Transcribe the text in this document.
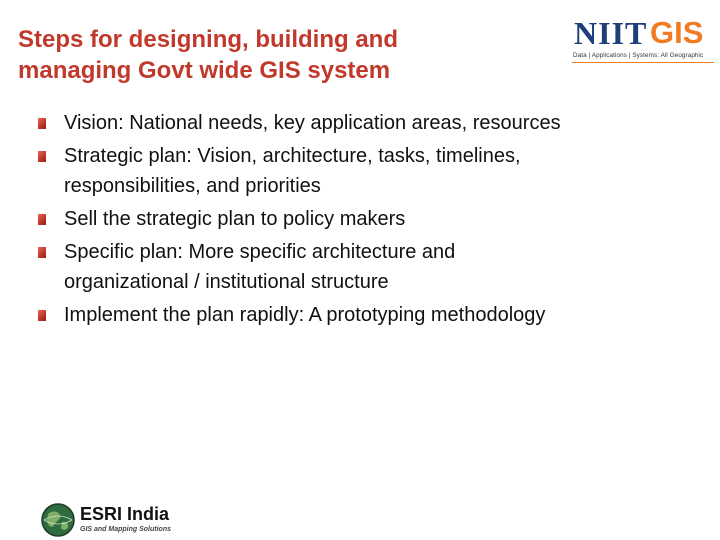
Steps for designing, building and
managing Govt wide GIS system
NIIT GIS
Data | Applications | Systems: All Geographic
Vision: National needs, key application areas, resources
Strategic plan: Vision, architecture, tasks, timelines,
responsibilities, and priorities
Sell the strategic plan to policy makers
Specific plan: More specific architecture and
organizational / institutional structure
Implement the plan rapidly: A prototyping methodology
ESRI India
GIS and Mapping Solutions
